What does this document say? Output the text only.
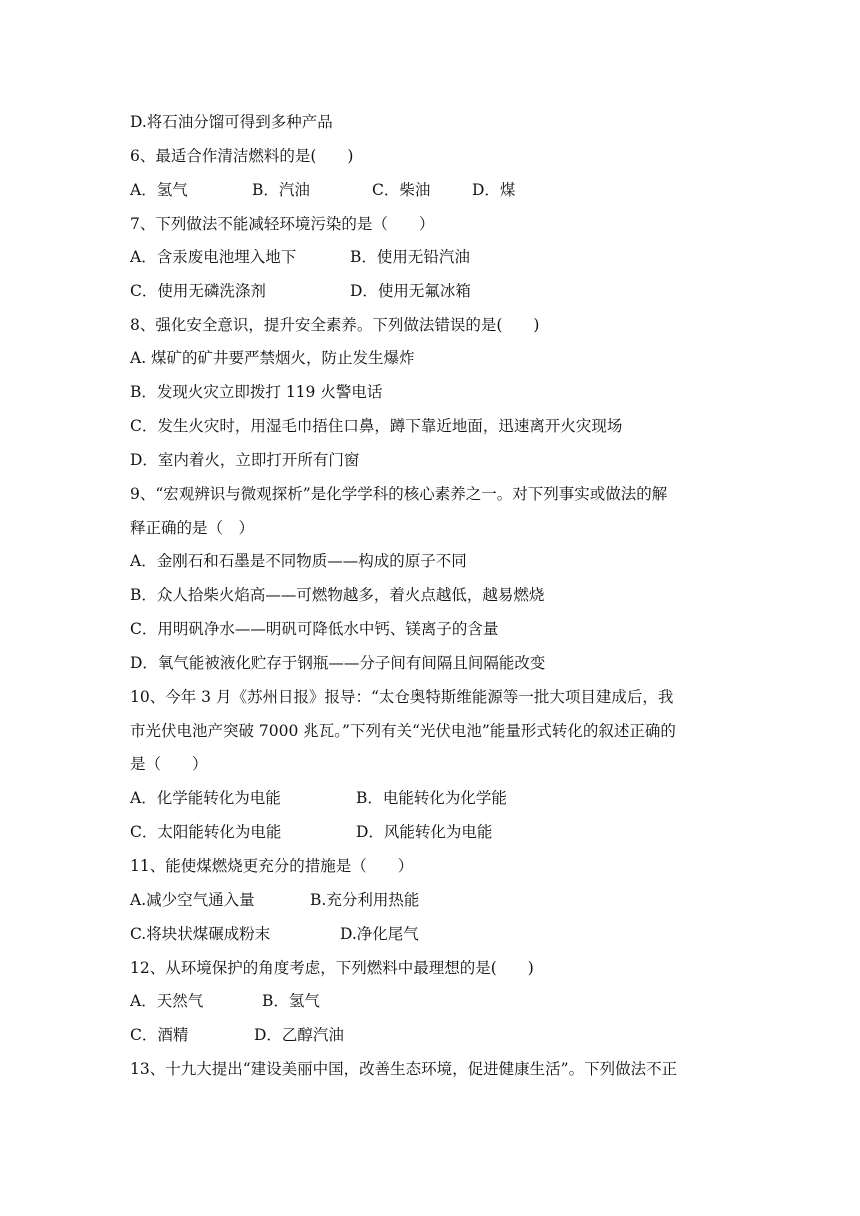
D.将石油分馏可得到多种产品
6、最适合作清洁燃料的是(　　)
A．氢气	B．汽油	C．柴油	D．煤
7、下列做法不能减轻环境污染的是（　　）
A．含汞废电池埋入地下	B．使用无铅汽油
C．使用无磷洗涤剂	D．使用无氟冰箱
8、强化安全意识，提升安全素养。下列做法错误的是(　　)
A. 煤矿的矿井要严禁烟火，防止发生爆炸
B．发现火灾立即拨打 119 火警电话
C．发生火灾时，用湿毛巾捂住口鼻，蹲下靠近地面，迅速离开火灾现场
D．室内着火，立即打开所有门窗
9、“宏观辨识与微观探析”是化学学科的核心素养之一。对下列事实或做法的解
释正确的是（　）
A．金刚石和石墨是不同物质——构成的原子不同
B．众人拾柴火焰高——可燃物越多，着火点越低，越易燃烧
C．用明矾净水——明矾可降低水中钙、镁离子的含量
D．氧气能被液化贮存于钢瓶——分子间有间隔且间隔能改变
10、今年 3 月《苏州日报》报导：“太仓奥特斯维能源等一批大项目建成后，我
市光伏电池产突破 7000 兆瓦。”下列有关“光伏电池”能量形式转化的叙述正确的
是（　　）
A．化学能转化为电能	B．电能转化为化学能
C．太阳能转化为电能	D．风能转化为电能
11、能使煤燃烧更充分的措施是（　　）
A.减少空气通入量	B.充分利用热能
C.将块状煤碾成粉末	D.净化尾气
12、从环境保护的角度考虑，下列燃料中最理想的是(　　)
A．天然气	B．氢气
C．酒精	D．乙醇汽油
13、十九大提出“建设美丽中国，改善生态环境，促进健康生活”。下列做法不正
